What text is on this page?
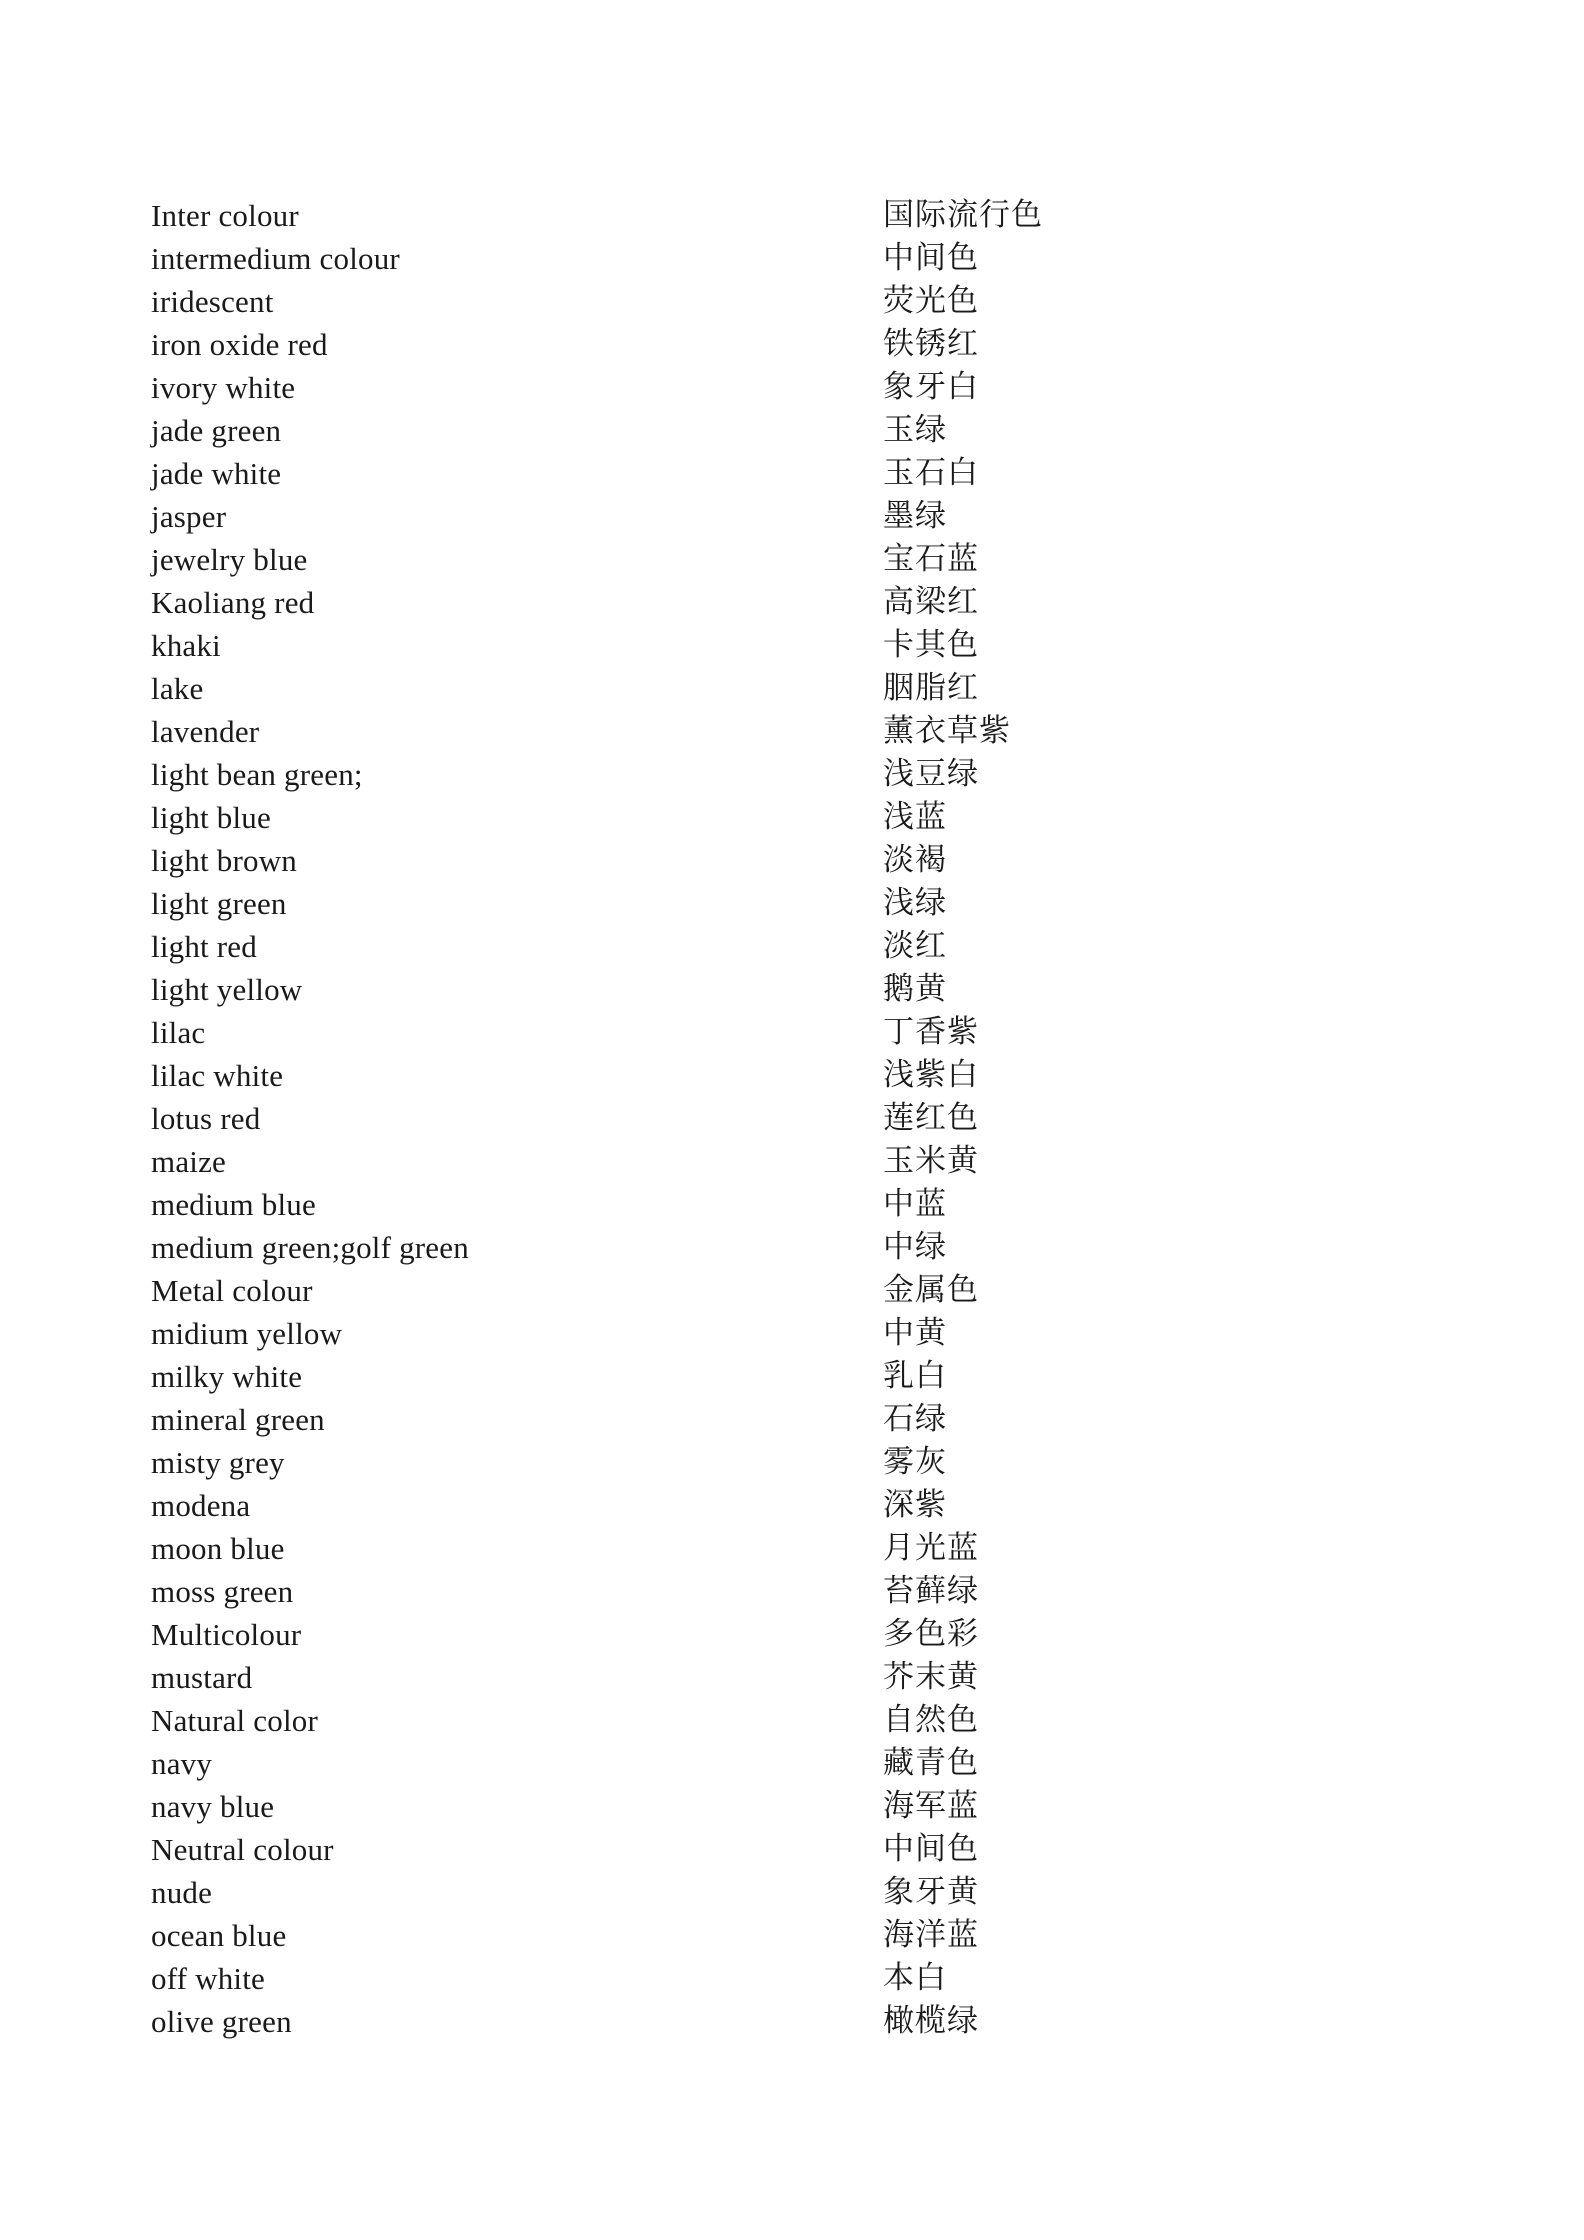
Inter colour	国际流行色
intermedium colour	中间色
iridescent	荧光色
iron oxide red	铁锈红
ivory white	象牙白
jade green	玉绿
jade white	玉石白
jasper	墨绿
jewelry blue	宝石蓝
Kaoliang red	高梁红
khaki	卡其色
lake	胭脂红
lavender	薰衣草紫
light bean green;	浅豆绿
light blue	浅蓝
light brown	淡褐
light green	浅绿
light red	淡红
light yellow	鹅黄
lilac	丁香紫
lilac white	浅紫白
lotus red	莲红色
maize	玉米黄
medium blue	中蓝
medium green;golf green	中绿
Metal colour	金属色
midium yellow	中黄
milky white	乳白
mineral green	石绿
misty grey	雾灰
modena	深紫
moon blue	月光蓝
moss green	苔藓绿
Multicolour	多色彩
mustard	芥末黄
Natural color	自然色
navy	藏青色
navy blue	海军蓝
Neutral colour	中间色
nude	象牙黄
ocean blue	海洋蓝
off white	本白
olive green	橄榄绿
